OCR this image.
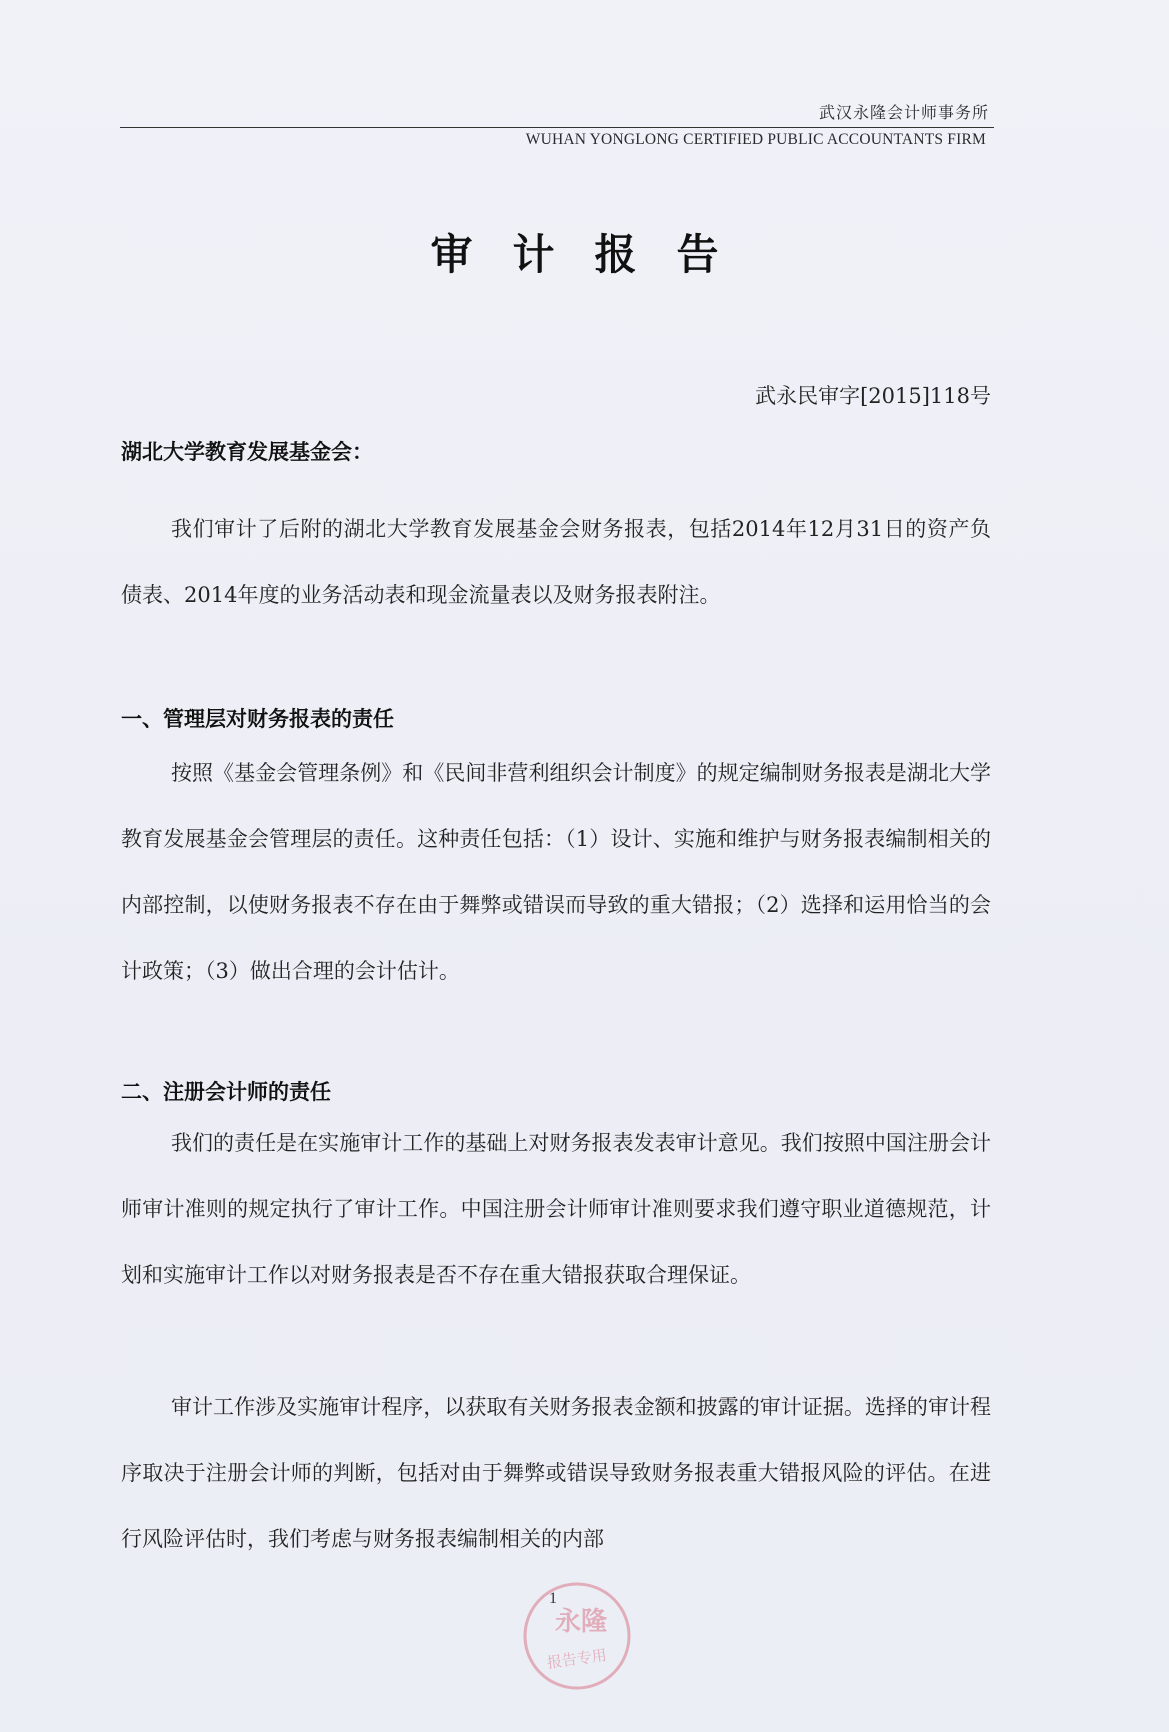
武汉永隆会计师事务所
WUHAN YONGLONG CERTIFIED PUBLIC ACCOUNTANTS FIRM
审计报告
武永民审字[2015]118号
湖北大学教育发展基金会：
我们审计了后附的湖北大学教育发展基金会财务报表，包括2014年12月31日的资产负债表、2014年度的业务活动表和现金流量表以及财务报表附注。
一、管理层对财务报表的责任
按照《基金会管理条例》和《民间非营利组织会计制度》的规定编制财务报表是湖北大学教育发展基金会管理层的责任。这种责任包括：（1）设计、实施和维护与财务报表编制相关的内部控制，以使财务报表不存在由于舞弊或错误而导致的重大错报；（2）选择和运用恰当的会计政策；（3）做出合理的会计估计。
二、注册会计师的责任
我们的责任是在实施审计工作的基础上对财务报表发表审计意见。我们按照中国注册会计师审计准则的规定执行了审计工作。中国注册会计师审计准则要求我们遵守职业道德规范，计划和实施审计工作以对财务报表是否不存在重大错报获取合理保证。
审计工作涉及实施审计程序，以获取有关财务报表金额和披露的审计证据。选择的审计程序取决于注册会计师的判断，包括对由于舞弊或错误导致财务报表重大错报风险的评估。在进行风险评估时，我们考虑与财务报表编制相关的内部
永隆
报告专用
1
